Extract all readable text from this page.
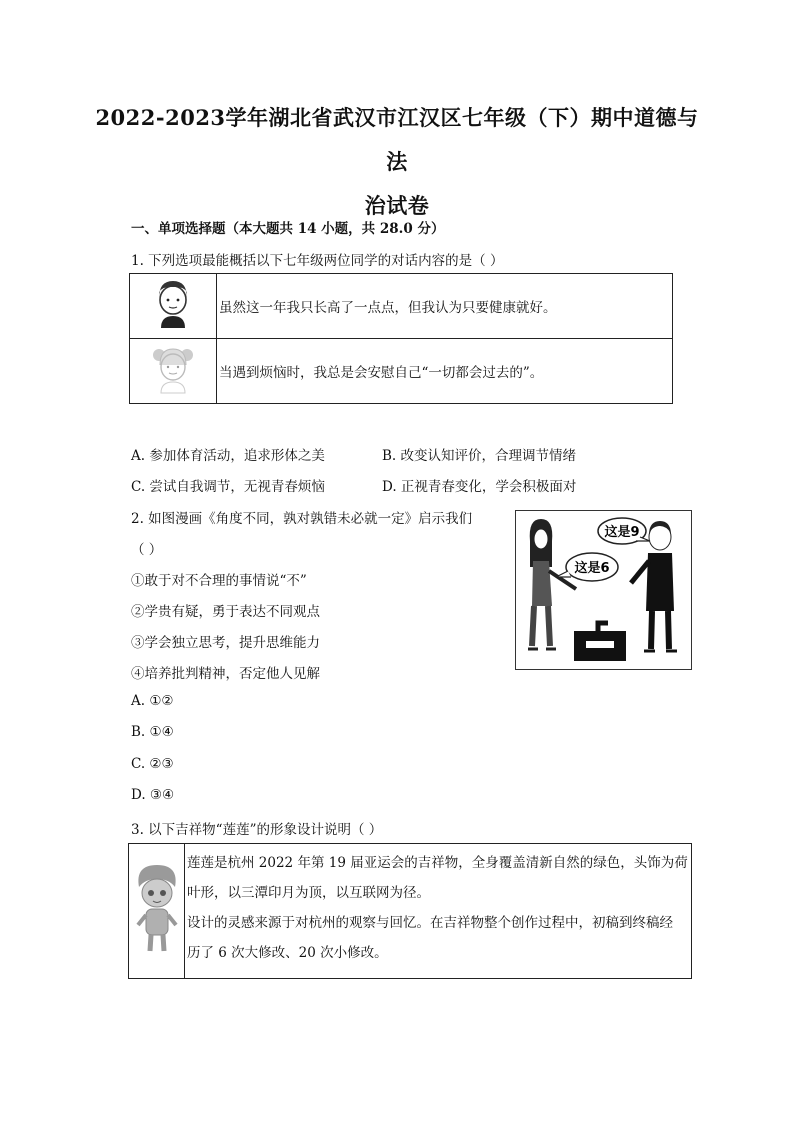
2022-2023学年湖北省武汉市江汉区七年级（下）期中道德与法
治试卷
一、单项选择题（本大题共 14 小题，共 28.0 分）
1. 下列选项最能概括以下七年级两位同学的对话内容的是（ ）
	虽然这一年我只长高了一点点，但我认为只要健康就好。
	当遇到烦恼时，我总是会安慰自己“一切都会过去的”。
A. 参加体育活动，追求形体之美	B. 改变认知评价，合理调节情绪
C. 尝试自我调节，无视青春烦恼	D. 正视青春变化，学会积极面对
2. 如图漫画《角度不同，孰对孰错未必就一定》启示我们
（ ）
①敢于对不合理的事情说“不”
②学贵有疑，勇于表达不同观点
③学会独立思考，提升思维能力
④培养批判精神，否定他人见解
A. ①②
B. ①④
C. ②③
D. ③④
这是9
这是6
3. 以下吉祥物“莲莲”的形象设计说明（ ）

莲莲是杭州 2022 年第 19 届亚运会的吉祥物，全身覆盖清新自然的绿色，头饰为荷
叶形，以三潭印月为顶，以互联网为径。
设计的灵感来源于对杭州的观察与回忆。在吉祥物整个创作过程中，初稿到终稿经
历了 6 次大修改、20 次小修改。
